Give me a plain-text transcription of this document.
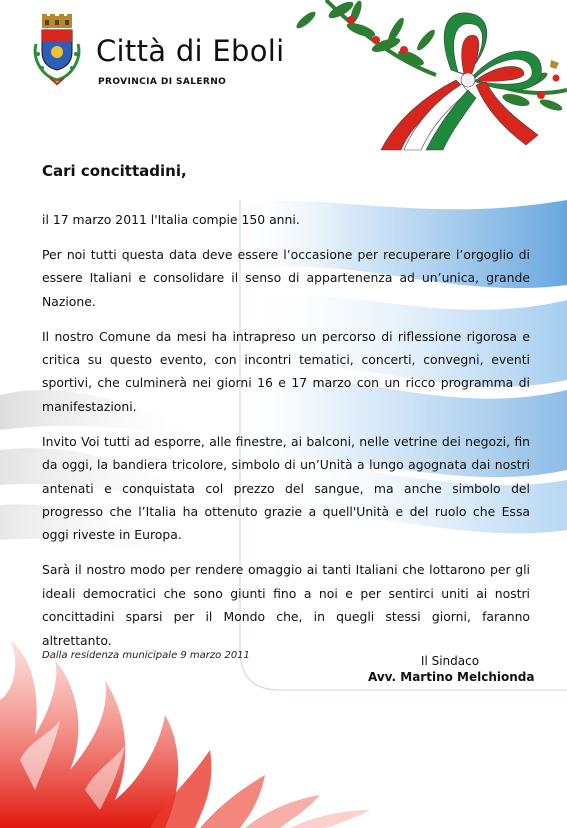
Città di Eboli
PROVINCIA DI SALERNO
Cari concittadini,

il 17 marzo 2011 l'Italia compie 150 anni.

Per noi tutti questa data deve essere l’occasione per recuperare l’orgoglio di essere Italiani e consolidare il senso di appartenenza ad un’unica, grande Nazione.

Il nostro Comune da mesi ha intrapreso un percorso di riflessione rigorosa e critica su questo evento, con incontri tematici, concerti, convegni, eventi sportivi, che culminerà nei giorni 16 e 17 marzo con un ricco programma di manifestazioni.

Invito Voi tutti ad esporre, alle finestre, ai balconi, nelle vetrine dei negozi, fin da oggi, la bandiera tricolore, simbolo di un’Unità a lungo agognata dai nostri antenati e conquistata col prezzo del sangue, ma anche simbolo del progresso che l’Italia ha ottenuto grazie a quell'Unità e del ruolo che Essa oggi riveste in Europa.

Sarà il nostro modo per rendere omaggio ai tanti Italiani che lottarono per gli ideali democratici che sono giunti fino a noi e per sentirci uniti ai nostri concittadini sparsi per il Mondo che, in quegli stessi giorni, faranno altrettanto.

Dalla residenza municipale 9 marzo 2011	Il Sindaco
Avv. Martino Melchionda
